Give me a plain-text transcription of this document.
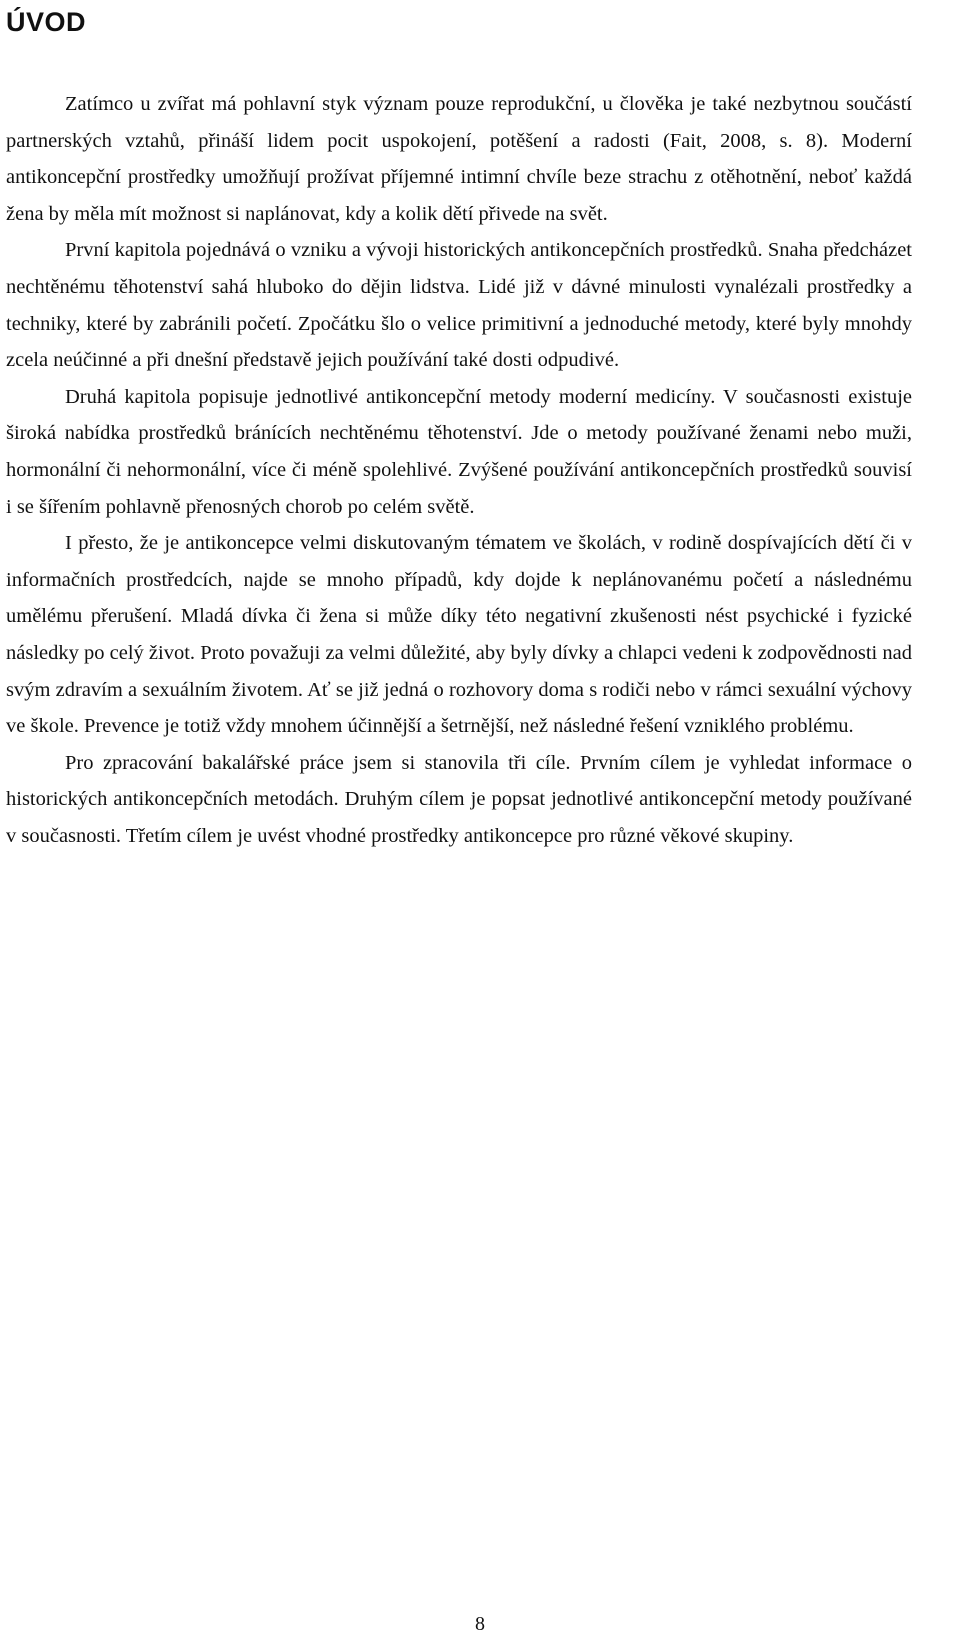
ÚVOD

Zatímco u zvířat má pohlavní styk význam pouze reprodukční, u člověka je také nezbytnou součástí partnerských vztahů, přináší lidem pocit uspokojení, potěšení a radosti (Fait, 2008, s. 8). Moderní antikoncepční prostředky umožňují prožívat příjemné intimní chvíle beze strachu z otěhotnění, neboť každá žena by měla mít možnost si naplánovat, kdy a kolik dětí přivede na svět.

První kapitola pojednává o vzniku a vývoji historických antikoncepčních prostředků. Snaha předcházet nechtěnému těhotenství sahá hluboko do dějin lidstva. Lidé již v dávné minulosti vynalézali prostředky a techniky, které by zabránili početí. Zpočátku šlo o velice primitivní a jednoduché metody, které byly mnohdy zcela neúčinné a při dnešní představě jejich používání také dosti odpudivé.

Druhá kapitola popisuje jednotlivé antikoncepční metody moderní medicíny. V současnosti existuje široká nabídka prostředků bránících nechtěnému těhotenství. Jde o metody používané ženami nebo muži, hormonální či nehormonální, více či méně spolehlivé. Zvýšené používání antikoncepčních prostředků souvisí i se šířením pohlavně přenosných chorob po celém světě.

I přesto, že je antikoncepce velmi diskutovaným tématem ve školách, v rodině dospívajících dětí či v informačních prostředcích, najde se mnoho případů, kdy dojde k neplánovanému početí a následnému umělému přerušení. Mladá dívka či žena si může díky této negativní zkušenosti nést psychické i fyzické následky po celý život. Proto považuji za velmi důležité, aby byly dívky a chlapci vedeni k zodpovědnosti nad svým zdravím a sexuálním životem. Ať se již jedná o rozhovory doma s rodiči nebo v rámci sexuální výchovy ve škole. Prevence je totiž vždy mnohem účinnější a šetrnější, než následné řešení vzniklého problému.

Pro zpracování bakalářské práce jsem si stanovila tři cíle. Prvním cílem je vyhledat informace o historických antikoncepčních metodách. Druhým cílem je popsat jednotlivé antikoncepční metody používané v současnosti. Třetím cílem je uvést vhodné prostředky antikoncepce pro různé věkové skupiny.

8
